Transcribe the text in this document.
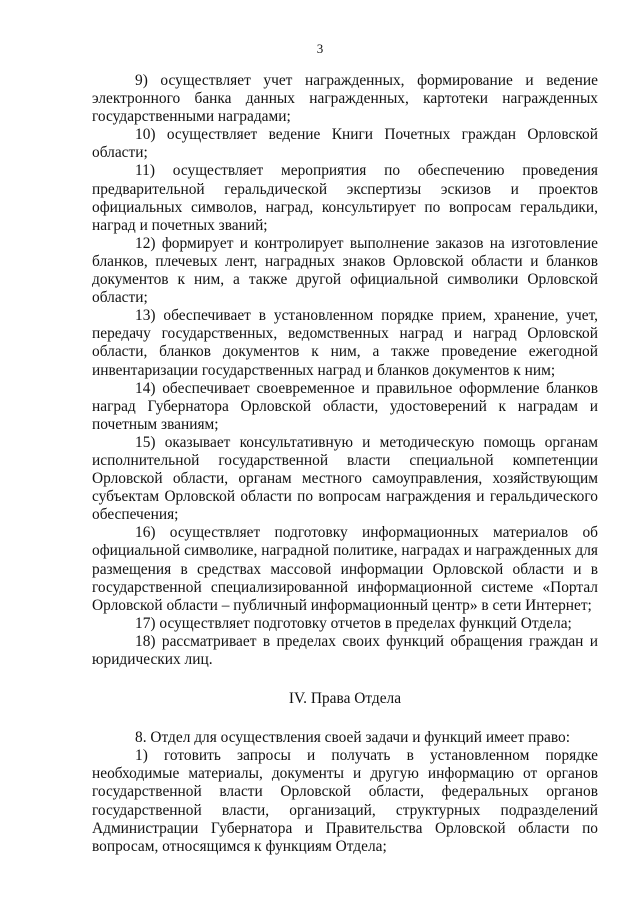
3

9) осуществляет учет награжденных, формирование и ведение электронного банка данных награжденных, картотеки награжденных государственными наградами;

10) осуществляет ведение Книги Почетных граждан Орловской области;

11) осуществляет мероприятия по обеспечению проведения предварительной геральдической экспертизы эскизов и проектов официальных символов, наград, консультирует по вопросам геральдики, наград и почетных званий;

12) формирует и контролирует выполнение заказов на изготовление бланков, плечевых лент, наградных знаков Орловской области и бланков документов к ним, а также другой официальной символики Орловской области;

13) обеспечивает в установленном порядке прием, хранение, учет, передачу государственных, ведомственных наград и наград Орловской области, бланков документов к ним, а также проведение ежегодной инвентаризации государственных наград и бланков документов к ним;

14) обеспечивает своевременное и правильное оформление бланков наград Губернатора Орловской области, удостоверений к наградам и почетным званиям;

15) оказывает консультативную и методическую помощь органам исполнительной государственной власти специальной компетенции Орловской области, органам местного самоуправления, хозяйствующим субъектам Орловской области по вопросам награждения и геральдического обеспечения;

16) осуществляет подготовку информационных материалов об официальной символике, наградной политике, наградах и награжденных для размещения в средствах массовой информации Орловской области и в государственной специализированной информационной системе «Портал Орловской области – публичный информационный центр» в сети Интернет;

17) осуществляет подготовку отчетов в пределах функций Отдела;

18) рассматривает в пределах своих функций обращения граждан и юридических лиц.

IV. Права Отдела

8. Отдел для осуществления своей задачи и функций имеет право:

1) готовить запросы и получать в установленном порядке необходимые материалы, документы и другую информацию от органов государственной власти Орловской области, федеральных органов государственной власти, организаций, структурных подразделений Администрации Губернатора и Правительства Орловской области по вопросам, относящимся к функциям Отдела;
